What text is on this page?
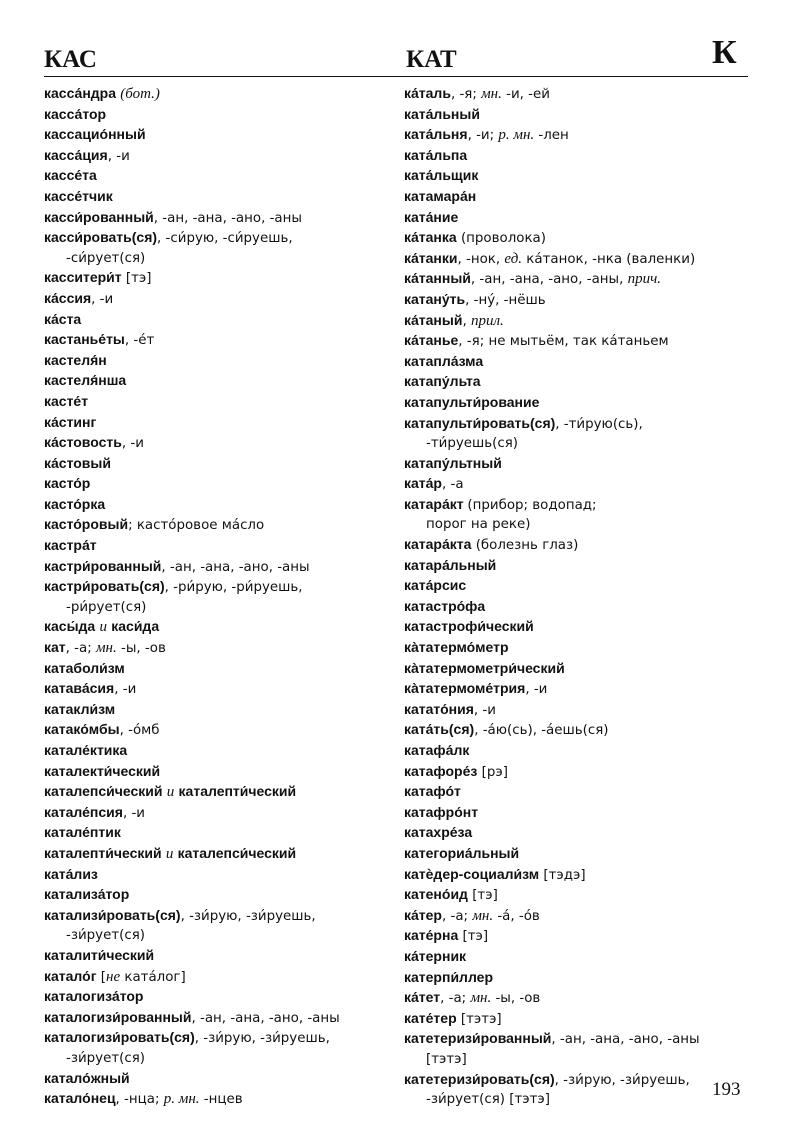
КАС	КАТ	К
касса́ндра (бот.)
касса́тор
кассацио́нный
касса́ция, -и
кассе́та
кассе́тчик
касси́рованный, -ан, -ана, -ано, -аны
касси́ровать(ся), -си́рую, -си́руешь,
-си́рует(ся)
касситери́т [тэ]
ка́ссия, -и
ка́ста
кастанье́ты, -е́т
кастеля́н
кастеля́нша
касте́т
ка́стинг
ка́стовость, -и
ка́стовый
касто́р
касто́рка
касто́ровый; касто́ровое ма́сло
кастра́т
кастри́рованный, -ан, -ана, -ано, -аны
кастри́ровать(ся), -ри́рую, -ри́руешь,
-ри́рует(ся)
касы́да и каси́да
кат, -а; мн. -ы, -ов
катаболи́зм
катава́сия, -и
катакли́зм
катако́мбы, -о́мб
катале́ктика
каталекти́ческий
каталепси́ческий и каталепти́ческий
катале́псия, -и
катале́птик
каталепти́ческий и каталепси́ческий
ката́лиз
катализа́тор
катализи́ровать(ся), -зи́рую, -зи́руешь,
-зи́рует(ся)
каталити́ческий
катало́г [не ката́лог]
каталогиза́тор
каталогизи́рованный, -ан, -ана, -ано, -аны
каталогизи́ровать(ся), -зи́рую, -зи́руешь,
-зи́рует(ся)
катало́жный
катало́нец, -нца; р. мн. -нцев
ка́таль, -я; мн. -и, -ей
ката́льный
ката́льня, -и; р. мн. -лен
ката́льпа
ката́льщик
катамара́н
ката́ние
ка́танка (проволока)
ка́танки, -нок, ед. ка́танок, -нка (валенки)
ка́танный, -ан, -ана, -ано, -аны, прич.
катану́ть, -ну́, -нёшь
ка́таный, прил.
ка́танье, -я; не мытьём, так ка́таньем
катапла́зма
катапу́льта
катапульти́рование
катапульти́ровать(ся), -ти́рую(сь),
-ти́руешь(ся)
катапу́льтный
ката́р, -а
катара́кт (прибор; водопад;
порог на реке)
катара́кта (болезнь глаз)
катара́льный
ката́рсис
катастро́фа
катастрофи́ческий
ка̀татермо́метр
ка̀татермометри́ческий
ка̀татермоме́трия, -и
катато́ния, -и
ката́ть(ся), -а́ю(сь), -а́ешь(ся)
катафа́лк
катафоре́з [рэ]
катафо́т
катафро́нт
катахре́за
категориа́льный
катѐдер-социали́зм [тэдэ]
катено́ид [тэ]
ка́тер, -а; мн. -а́, -о́в
кате́рна [тэ]
ка́терник
катерпи́ллер
ка́тет, -а; мн. -ы, -ов
кате́тер [тэтэ]
катетеризи́рованный, -ан, -ана, -ано, -аны
[тэтэ]
катетеризи́ровать(ся), -зи́рую, -зи́руешь,
-зи́рует(ся) [тэтэ]	193
